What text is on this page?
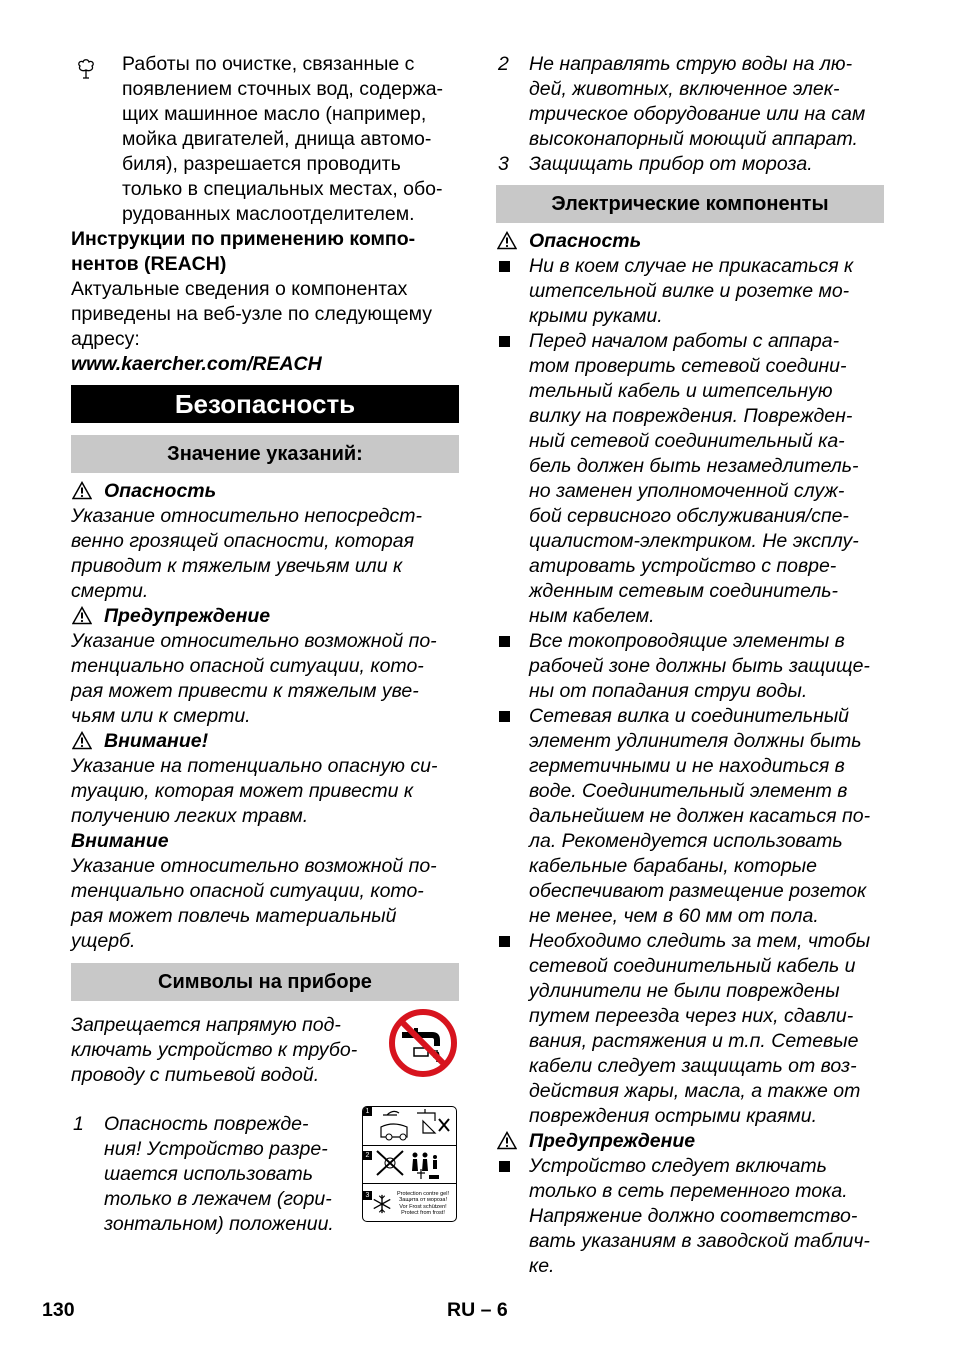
Работы по очистке, связанные с
появлением сточных вод, содержа-
щих машинное масло (например,
мойка двигателей, днища автомо-
биля), разрешается проводить
только в специальных местах, обо-
рудованных маслоотделителем.
Инструкции по применению компо-
нентов (REACH)
Актуальные сведения о компонентах
приведены на веб-узле по следующему
адресу:
www.kaercher.com/REACH
Безопасность
Значение указаний:
Опасность
Указание относительно непосредст-
венно грозящей опасности, которая
приводит к тяжелым увечьям или к
смерти.
Предупреждение
Указание относительно возможной по-
тенциально опасной ситуации, кото-
рая может привести к тяжелым уве-
чьям или к смерти.
Внимание!
Указание на потенциально опасную си-
туацию, которая может привести к
получению легких травм.
Внимание
Указание относительно возможной по-
тенциально опасной ситуации, кото-
рая может повлечь материальный
ущерб.
Символы на приборе
Запрещается напрямую под-
ключать устройство к трубо-
проводу с питьевой водой.
1 Опасность поврежде-
ния! Устройство разре-
шается использовать
только в лежачем (гори-
зонтальном) положении.
1
2
3	Protection contre gel!
Защита от мороза!
Vor Frost schützen!
Protect from frost!
2 Не направлять струю воды на лю-
дей, животных, включенное элек-
трическое оборудование или на сам
высоконапорный моющий аппарат.
3 Защищать прибор от мороза.
Электрические компоненты
Опасность
Ни в коем случае не прикасаться к
штепсельной вилке и розетке мо-
крыми руками.
Перед началом работы с аппара-
том проверить сетевой соедини-
тельный кабель и штепсельную
вилку на повреждения. Поврежден-
ный сетевой соединительный ка-
бель должен быть незамедлитель-
но заменен уполномоченной служ-
бой сервисного обслуживания/спе-
циалистом-электриком. Не эксплу-
атировать устройство с повре-
жденным сетевым соединитель-
ным кабелем.
Все токопроводящие элементы в
рабочей зоне должны быть защище-
ны от попадания струи воды.
Сетевая вилка и соединительный
элемент удлинителя должны быть
герметичными и не находиться в
воде. Соединительный элемент в
дальнейшем не должен касаться по-
ла. Рекомендуется использовать
кабельные барабаны, которые
обеспечивают размещение розеток
не менее, чем в 60 мм от пола.
Необходимо следить за тем, чтобы
сетевой соединительный кабель и
удлинители не были повреждены
путем переезда через них, сдавли-
вания, растяжения и т.п. Сетевые
кабели следует защищать от воз-
действия жары, масла, а также от
повреждения острыми краями.
Предупреждение
Устройство следует включать
только в сеть переменного тока.
Напряжение должно соответство-
вать указаниям в заводской таблич-
ке.
130	RU – 6
